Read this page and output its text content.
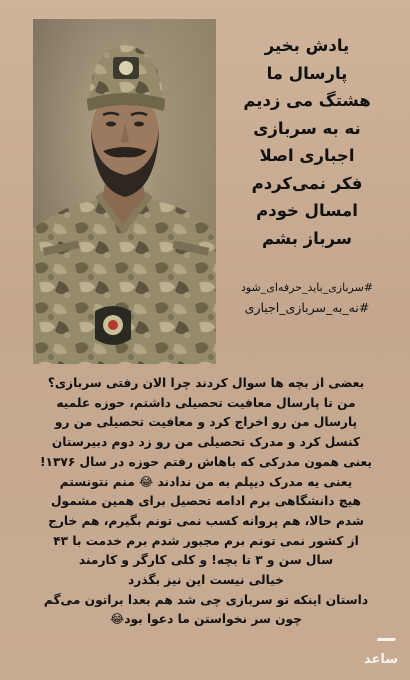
یادش بخیر
پارسال ما
هشتگ می زدیم
نه به سربازی
اجباری اصلا
فکر نمی‌کردم
امسال خودم
سرباز بشم
#سربازی_باید_حرفه‌ای_شود
#نه_به_سربازی_اجباری
بعضی از بچه ها سوال کردند چرا الان رفتی سربازی؟
من تا پارسال معافیت تحصیلی داشتم، حوزه علمیه
پارسال من رو اخراج کرد و معافیت تحصیلی من رو
کنسل کرد و مدرک تحصیلی من رو زد دوم دبیرستان
یعنی همون مدرکی که باهاش رفتم حوزه در سال ۱۳۷۶!
یعنی یه مدرک دیپلم به من ندادند 😂 منم نتونستم
هیچ دانشگاهی برم ادامه تحصیل برای همین مشمول
شدم حالا، هم پروانه کسب نمی تونم بگیرم، هم خارج
از کشور نمی تونم برم مجبور شدم برم خدمت با ۴۳
سال سن و ۳ تا بچه! و کلی کارگر و کارمند
خیالی نیست این نیز بگذرد
داستان اینکه تو سربازی چی شد هم بعدا براتون می‌گم
چون سر نخواستن ما دعوا بود😂
ساعد
